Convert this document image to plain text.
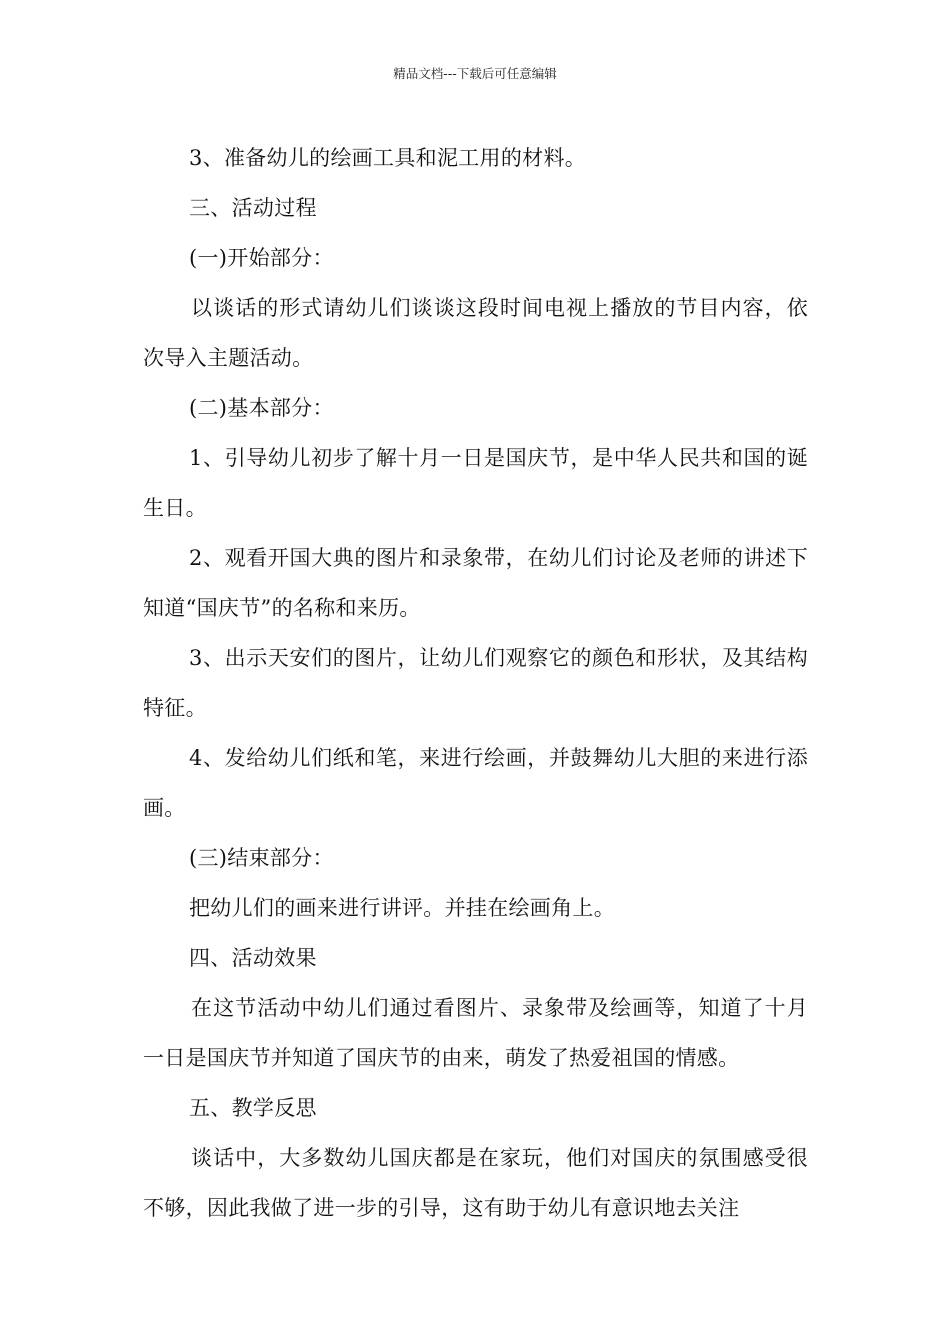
精品文档---下载后可任意编辑

3、准备幼儿的绘画工具和泥工用的材料。

三、活动过程

(一)开始部分：

以谈话的形式请幼儿们谈谈这段时间电视上播放的节目内容，依次导入主题活动。

(二)基本部分：

1、引导幼儿初步了解十月一日是国庆节，是中华人民共和国的诞生日。

2、观看开国大典的图片和录象带，在幼儿们讨论及老师的讲述下知道“国庆节”的名称和来历。

3、出示天安们的图片，让幼儿们观察它的颜色和形状，及其结构特征。

4、发给幼儿们纸和笔，来进行绘画，并鼓舞幼儿大胆的来进行添画。

(三)结束部分：

把幼儿们的画来进行讲评。并挂在绘画角上。

四、活动效果

在这节活动中幼儿们通过看图片、录象带及绘画等，知道了十月一日是国庆节并知道了国庆节的由来，萌发了热爱祖国的情感。

五、教学反思

谈话中，大多数幼儿国庆都是在家玩，他们对国庆的氛围感受很不够，因此我做了进一步的引导，这有助于幼儿有意识地去关注
